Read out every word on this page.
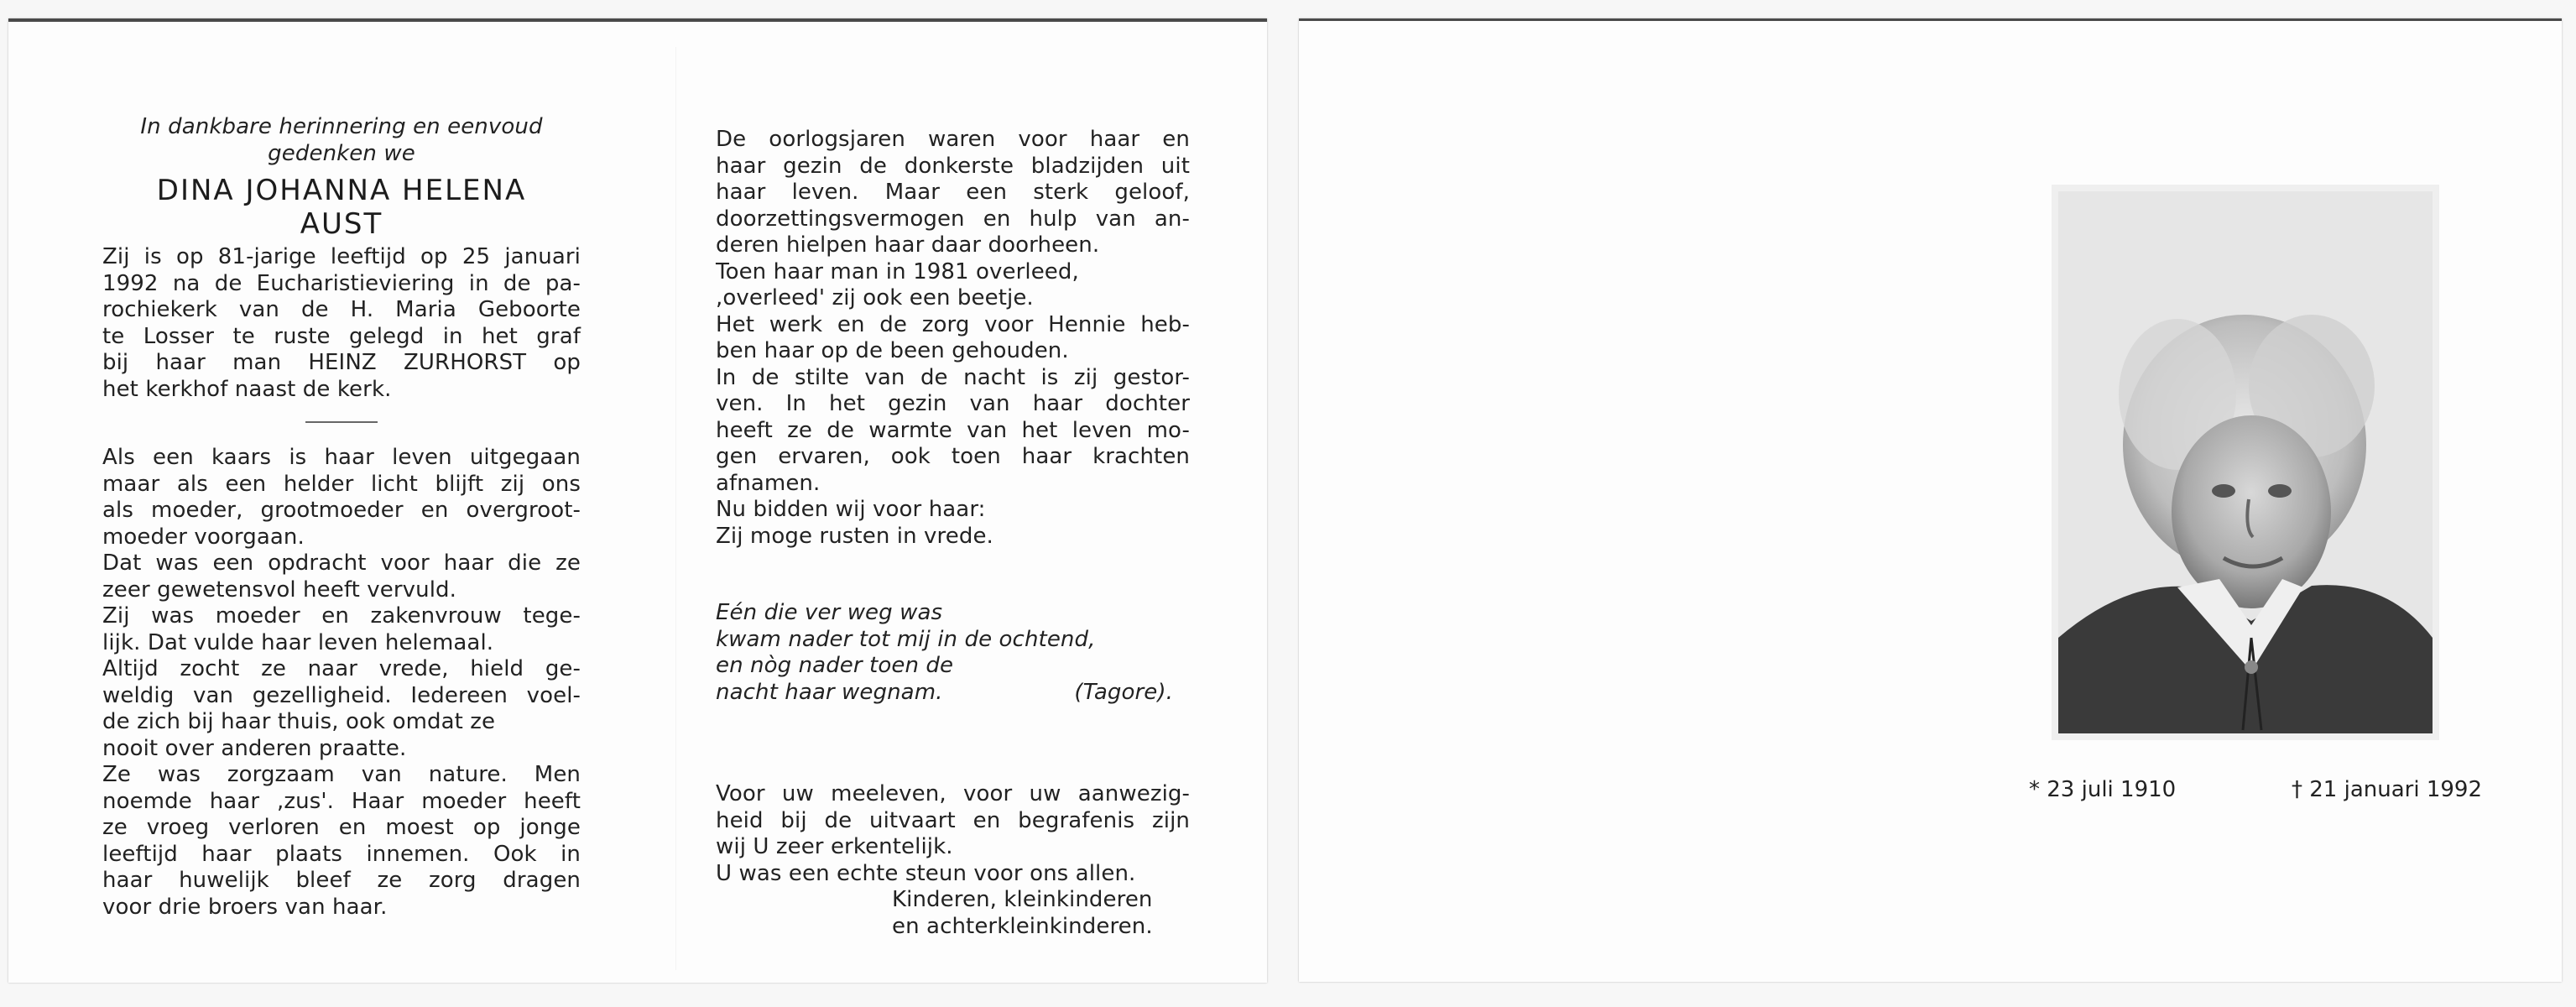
In dankbare herinnering en eenvoud
gedenken we
DINA JOHANNA HELENA
AUST
Zij is op 81-jarige leeftijd op 25 januari
1992 na de Eucharistieviering in de pa-
rochiekerk van de H. Maria Geboorte
te Losser te ruste gelegd in het graf
bij haar man HEINZ ZURHORST op
het kerkhof naast de kerk.
Als een kaars is haar leven uitgegaan
maar als een helder licht blijft zij ons
als moeder, grootmoeder en overgroot-
moeder voorgaan.
Dat was een opdracht voor haar die ze
zeer gewetensvol heeft vervuld.
Zij was moeder en zakenvrouw tege-
lijk. Dat vulde haar leven helemaal.
Altijd zocht ze naar vrede, hield ge-
weldig van gezelligheid. Iedereen voel-
de zich bij haar thuis, ook omdat ze
nooit over anderen praatte.
Ze was zorgzaam van nature. Men
noemde haar ,zus'. Haar moeder heeft
ze vroeg verloren en moest op jonge
leeftijd haar plaats innemen. Ook in
haar huwelijk bleef ze zorg dragen
voor drie broers van haar.
De oorlogsjaren waren voor haar en
haar gezin de donkerste bladzijden uit
haar leven. Maar een sterk geloof,
doorzettingsvermogen en hulp van an-
deren hielpen haar daar doorheen.
Toen haar man in 1981 overleed,
,overleed' zij ook een beetje.
Het werk en de zorg voor Hennie heb-
ben haar op de been gehouden.
In de stilte van de nacht is zij gestor-
ven. In het gezin van haar dochter
heeft ze de warmte van het leven mo-
gen ervaren, ook toen haar krachten
afnamen.
Nu bidden wij voor haar:
Zij moge rusten in vrede.
Eén die ver weg was
kwam nader tot mij in de ochtend,
en nòg nader toen de
nacht haar wegnam.	(Tagore).
Voor uw meeleven, voor uw aanwezig-
heid bij de uitvaart en begrafenis zijn
wij U zeer erkentelijk.
U was een echte steun voor ons allen.
Kinderen, kleinkinderen
en achterkleinkinderen.
* 23 juli 1910	† 21 januari 1992
